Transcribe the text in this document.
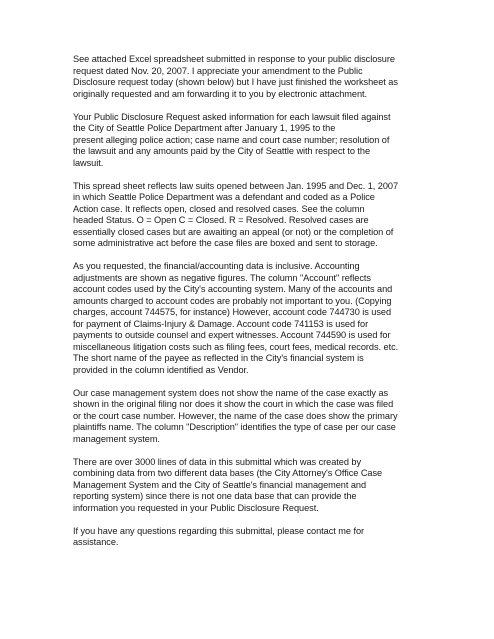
See attached Excel spreadsheet submitted in response to your public disclosure
request dated Nov. 20, 2007. I appreciate your amendment to the Public
Disclosure request today (shown below) but I have just finished the worksheet as
originally requested and am forwarding it to you by electronic attachment.

Your Public Disclosure Request asked information for each lawsuit filed against
the City of Seattle Police Department after January 1, 1995 to the
present alleging police action; case name and court case number; resolution of
the lawsuit and any amounts paid by the City of Seattle with respect to the
lawsuit.

This spread sheet reflects law suits opened between Jan. 1995 and Dec. 1, 2007
in which Seattle Police Department was a defendant and coded as a Police
Action case. It reflects open, closed and resolved cases. See the column
headed Status. O = Open C = Closed. R = Resolved. Resolved cases are
essentially closed cases but are awaiting an appeal (or not) or the completion of
some administrative act before the case files are boxed and sent to storage.

As you requested, the financial/accounting data is inclusive. Accounting
adjustments are shown as negative figures. The column "Account" reflects
account codes used by the City's accounting system. Many of the accounts and
amounts charged to account codes are probably not important to you. (Copying
charges, account 744575, for instance) However, account code 744730 is used
for payment of Claims-Injury & Damage. Account code 741153 is used for
payments to outside counsel and expert witnesses. Account 744590 is used for
miscellaneous litigation costs such as filing fees, court fees, medical records. etc.
The short name of the payee as reflected in the City's financial system is
provided in the column identified as Vendor.

Our case management system does not show the name of the case exactly as
shown in the original filing nor does it show the court in which the case was filed
or the court case number. However, the name of the case does show the primary
plaintiffs name. The column "Description" identifies the type of case per our case
management system.

There are over 3000 lines of data in this submittal which was created by
combining data from two different data bases (the City Attorney's Office Case
Management System and the City of Seattle's financial management and
reporting system) since there is not one data base that can provide the
information you requested in your Public Disclosure Request.

If you have any questions regarding this submittal, please contact me for
assistance.
